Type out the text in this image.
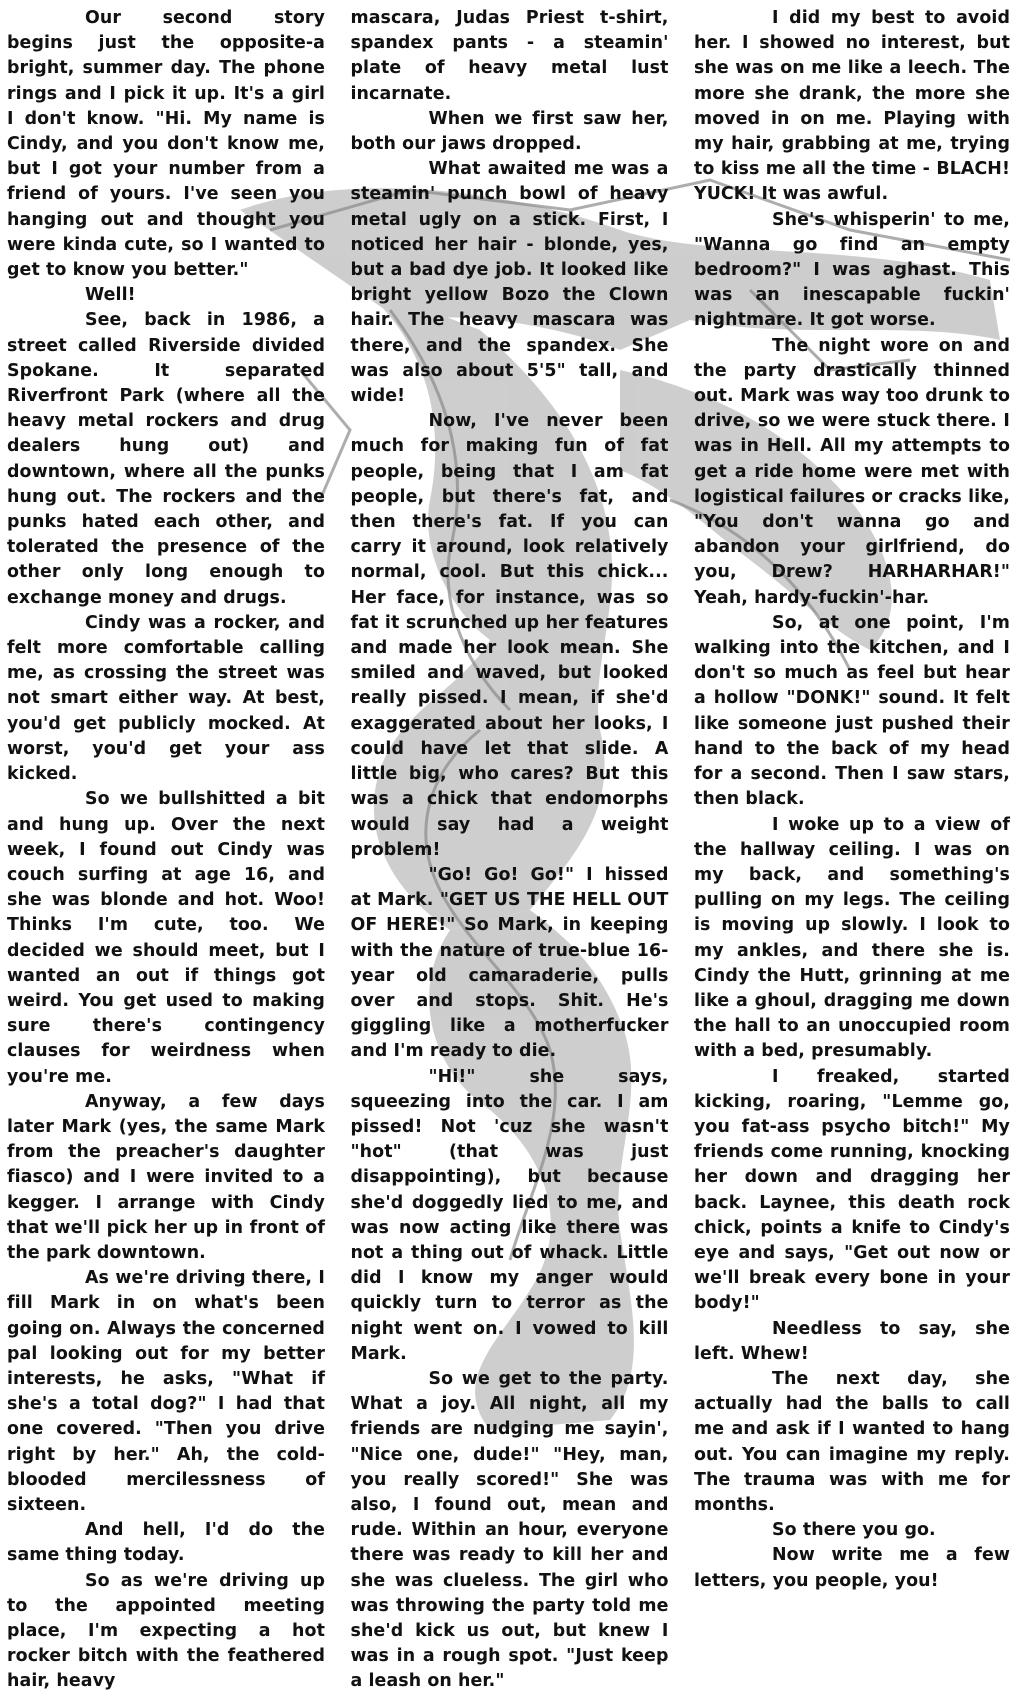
Our second story begins just the opposite-a bright, summer day. The phone rings and I pick it up. It's a girl I don't know. "Hi. My name is Cindy, and you don't know me, but I got your number from a friend of yours. I've seen you hanging out and thought you were kinda cute, so I wanted to get to know you better."

Well!

See, back in 1986, a street called Riverside divided Spokane. It separated Riverfront Park (where all the heavy metal rockers and drug dealers hung out) and downtown, where all the punks hung out. The rockers and the punks hated each other, and tolerated the presence of the other only long enough to exchange money and drugs.

Cindy was a rocker, and felt more comfortable calling me, as crossing the street was not smart either way. At best, you'd get publicly mocked. At worst, you'd get your ass kicked.

So we bullshitted a bit and hung up. Over the next week, I found out Cindy was couch surfing at age 16, and she was blonde and hot. Woo! Thinks I'm cute, too. We decided we should meet, but I wanted an out if things got weird. You get used to making sure there's contingency clauses for weirdness when you're me.

Anyway, a few days later Mark (yes, the same Mark from the preacher's daughter fiasco) and I were invited to a kegger. I arrange with Cindy that we'll pick her up in front of the park downtown.

As we're driving there, I fill Mark in on what's been going on. Always the concerned pal looking out for my better interests, he asks, "What if she's a total dog?" I had that one covered. "Then you drive right by her." Ah, the cold-blooded mercilessness of sixteen.

And hell, I'd do the same thing today.

So as we're driving up to the appointed meeting place, I'm expecting a hot rocker bitch with the feathered hair, heavy

mascara, Judas Priest t-shirt, spandex pants - a steamin' plate of heavy metal lust incarnate.

When we first saw her, both our jaws dropped.

What awaited me was a steamin' punch bowl of heavy metal ugly on a stick. First, I noticed her hair - blonde, yes, but a bad dye job. It looked like bright yellow Bozo the Clown hair. The heavy mascara was there, and the spandex. She was also about 5'5" tall, and wide!

Now, I've never been much for making fun of fat people, being that I am fat people, but there's fat, and then there's fat. If you can carry it around, look relatively normal, cool. But this chick... Her face, for instance, was so fat it scrunched up her features and made her look mean. She smiled and waved, but looked really pissed. I mean, if she'd exaggerated about her looks, I could have let that slide. A little big, who cares? But this was a chick that endomorphs would say had a weight problem!

"Go! Go! Go!" I hissed at Mark. "GET US THE HELL OUT OF HERE!" So Mark, in keeping with the nature of true-blue 16-year old camaraderie, pulls over and stops. Shit. He's giggling like a motherfucker and I'm ready to die.

"Hi!" she says, squeezing into the car. I am pissed! Not 'cuz she wasn't "hot" (that was just disappointing), but because she'd doggedly lied to me, and was now acting like there was not a thing out of whack. Little did I know my anger would quickly turn to terror as the night went on. I vowed to kill Mark.

So we get to the party. What a joy. All night, all my friends are nudging me sayin', "Nice one, dude!" "Hey, man, you really scored!" She was also, I found out, mean and rude. Within an hour, everyone there was ready to kill her and she was clueless. The girl who was throwing the party told me she'd kick us out, but knew I was in a rough spot. "Just keep a leash on her."

I did my best to avoid her. I showed no interest, but she was on me like a leech. The more she drank, the more she moved in on me. Playing with my hair, grabbing at me, trying to kiss me all the time - BLACH! YUCK! It was awful.

She's whisperin' to me, "Wanna go find an empty bedroom?" I was aghast. This was an inescapable fuckin' nightmare. It got worse.

The night wore on and the party drastically thinned out. Mark was way too drunk to drive, so we were stuck there. I was in Hell. All my attempts to get a ride home were met with logistical failures or cracks like, "You don't wanna go and abandon your girlfriend, do you, Drew? HARHARHAR!" Yeah, hardy-fuckin'-har.

So, at one point, I'm walking into the kitchen, and I don't so much as feel but hear a hollow "DONK!" sound. It felt like someone just pushed their hand to the back of my head for a second. Then I saw stars, then black.

I woke up to a view of the hallway ceiling. I was on my back, and something's pulling on my legs. The ceiling is moving up slowly. I look to my ankles, and there she is. Cindy the Hutt, grinning at me like a ghoul, dragging me down the hall to an unoccupied room with a bed, presumably.

I freaked, started kicking, roaring, "Lemme go, you fat-ass psycho bitch!" My friends come running, knocking her down and dragging her back. Laynee, this death rock chick, points a knife to Cindy's eye and says, "Get out now or we'll break every bone in your body!"

Needless to say, she left. Whew!

The next day, she actually had the balls to call me and ask if I wanted to hang out. You can imagine my reply. The trauma was with me for months.

So there you go.

Now write me a few letters, you people, you!
